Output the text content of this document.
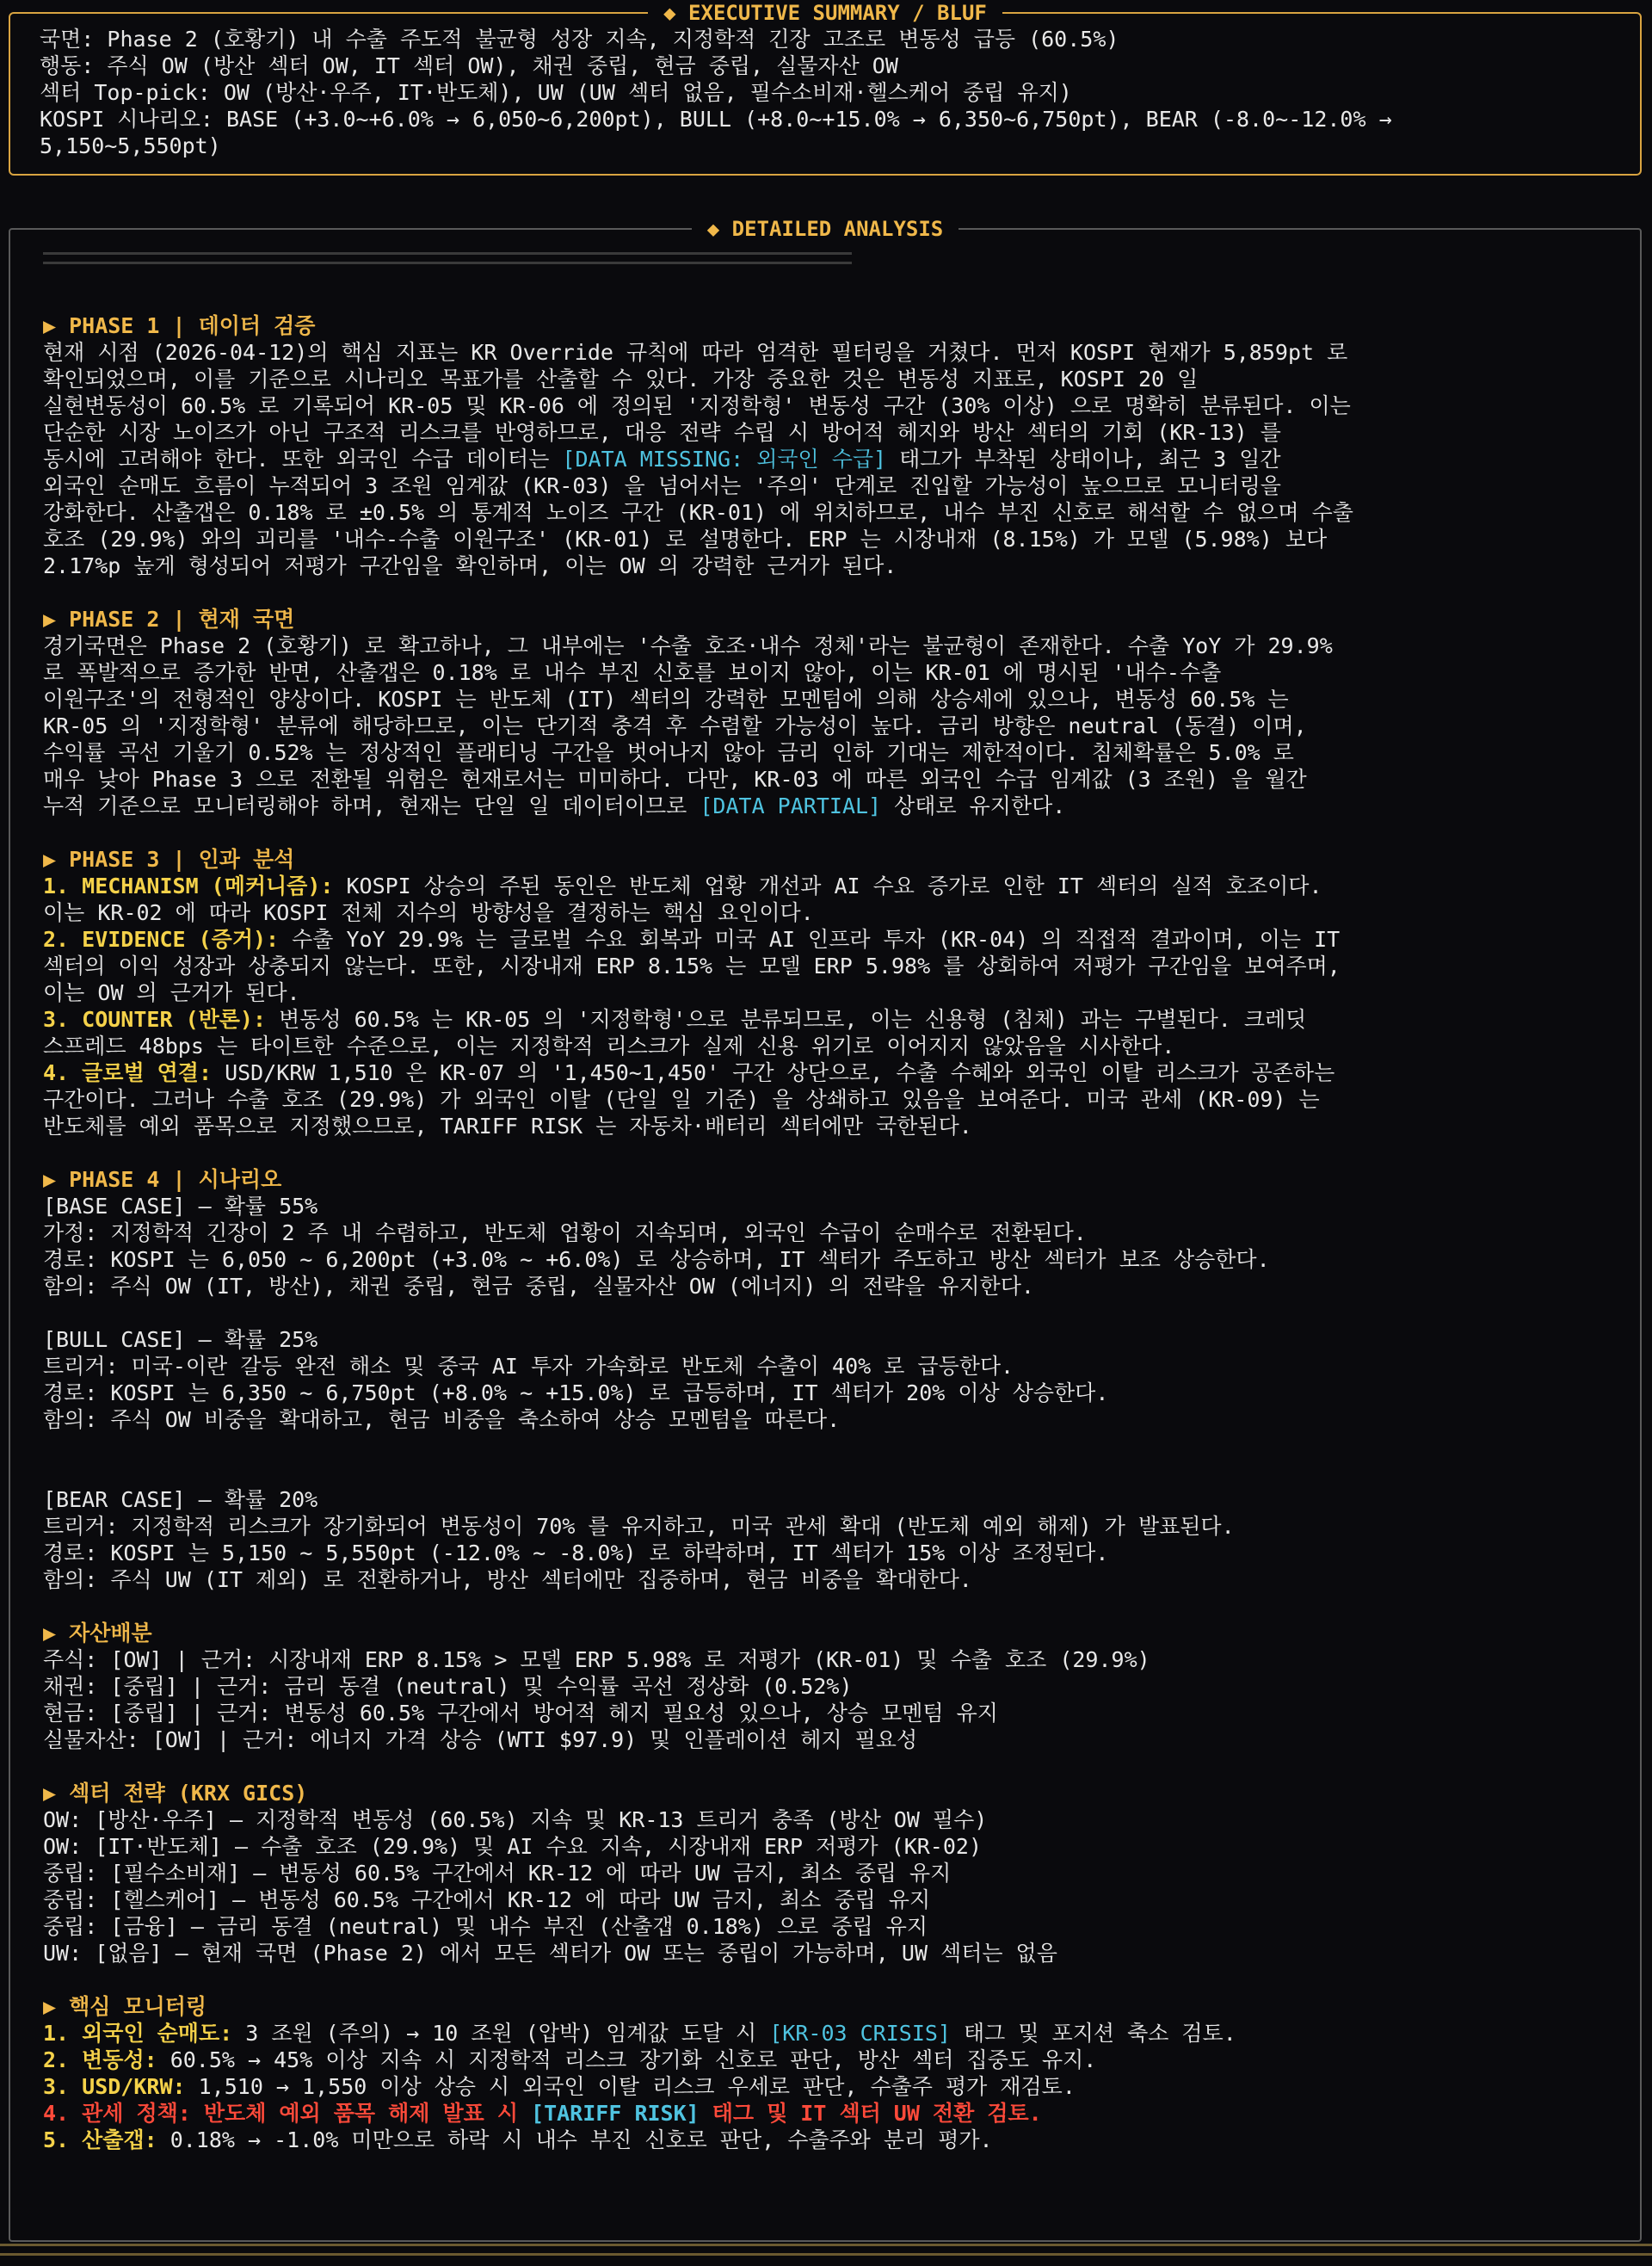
◆ EXECUTIVE SUMMARY / BLUF
국면: Phase 2 (호황기) 내 수출 주도적 불균형 성장 지속, 지정학적 긴장 고조로 변동성 급등 (60.5%)
행동: 주식 OW (방산 섹터 OW, IT 섹터 OW), 채권 중립, 현금 중립, 실물자산 OW
섹터 Top-pick: OW (방산·우주, IT·반도체), UW (UW 섹터 없음, 필수소비재·헬스케어 중립 유지)
KOSPI 시나리오: BASE (+3.0~+6.0% → 6,050~6,200pt), BULL (+8.0~+15.0% → 6,350~6,750pt), BEAR (-8.0~-12.0% →
5,150~5,550pt)
◆ DETAILED ANALYSIS
▶ PHASE 1 | 데이터 검증
현재 시점 (2026-04-12)의 핵심 지표는 KR Override 규칙에 따라 엄격한 필터링을 거쳤다. 먼저 KOSPI 현재가 5,859pt 로
확인되었으며, 이를 기준으로 시나리오 목표가를 산출할 수 있다. 가장 중요한 것은 변동성 지표로, KOSPI 20 일
실현변동성이 60.5% 로 기록되어 KR-05 및 KR-06 에 정의된 '지정학형' 변동성 구간 (30% 이상) 으로 명확히 분류된다. 이는
단순한 시장 노이즈가 아닌 구조적 리스크를 반영하므로, 대응 전략 수립 시 방어적 헤지와 방산 섹터의 기회 (KR-13) 를
동시에 고려해야 한다. 또한 외국인 수급 데이터는 [DATA MISSING: 외국인 수급] 태그가 부착된 상태이나, 최근 3 일간
외국인 순매도 흐름이 누적되어 3 조원 임계값 (KR-03) 을 넘어서는 '주의' 단계로 진입할 가능성이 높으므로 모니터링을
강화한다. 산출갭은 0.18% 로 ±0.5% 의 통계적 노이즈 구간 (KR-01) 에 위치하므로, 내수 부진 신호로 해석할 수 없으며 수출
호조 (29.9%) 와의 괴리를 '내수-수출 이원구조' (KR-01) 로 설명한다. ERP 는 시장내재 (8.15%) 가 모델 (5.98%) 보다
2.17%p 높게 형성되어 저평가 구간임을 확인하며, 이는 OW 의 강력한 근거가 된다.
▶ PHASE 2 | 현재 국면
경기국면은 Phase 2 (호황기) 로 확고하나, 그 내부에는 '수출 호조·내수 정체'라는 불균형이 존재한다. 수출 YoY 가 29.9%
로 폭발적으로 증가한 반면, 산출갭은 0.18% 로 내수 부진 신호를 보이지 않아, 이는 KR-01 에 명시된 '내수-수출
이원구조'의 전형적인 양상이다. KOSPI 는 반도체 (IT) 섹터의 강력한 모멘텀에 의해 상승세에 있으나, 변동성 60.5% 는
KR-05 의 '지정학형' 분류에 해당하므로, 이는 단기적 충격 후 수렴할 가능성이 높다. 금리 방향은 neutral (동결) 이며,
수익률 곡선 기울기 0.52% 는 정상적인 플래티닝 구간을 벗어나지 않아 금리 인하 기대는 제한적이다. 침체확률은 5.0% 로
매우 낮아 Phase 3 으로 전환될 위험은 현재로서는 미미하다. 다만, KR-03 에 따른 외국인 수급 임계값 (3 조원) 을 월간
누적 기준으로 모니터링해야 하며, 현재는 단일 일 데이터이므로 [DATA PARTIAL] 상태로 유지한다.
▶ PHASE 3 | 인과 분석
1. MECHANISM (메커니즘): KOSPI 상승의 주된 동인은 반도체 업황 개선과 AI 수요 증가로 인한 IT 섹터의 실적 호조이다.
이는 KR-02 에 따라 KOSPI 전체 지수의 방향성을 결정하는 핵심 요인이다.
2. EVIDENCE (증거): 수출 YoY 29.9% 는 글로벌 수요 회복과 미국 AI 인프라 투자 (KR-04) 의 직접적 결과이며, 이는 IT
섹터의 이익 성장과 상충되지 않는다. 또한, 시장내재 ERP 8.15% 는 모델 ERP 5.98% 를 상회하여 저평가 구간임을 보여주며,
이는 OW 의 근거가 된다.
3. COUNTER (반론): 변동성 60.5% 는 KR-05 의 '지정학형'으로 분류되므로, 이는 신용형 (침체) 과는 구별된다. 크레딧
스프레드 48bps 는 타이트한 수준으로, 이는 지정학적 리스크가 실제 신용 위기로 이어지지 않았음을 시사한다.
4. 글로벌 연결: USD/KRW 1,510 은 KR-07 의 '1,450~1,450' 구간 상단으로, 수출 수혜와 외국인 이탈 리스크가 공존하는
구간이다. 그러나 수출 호조 (29.9%) 가 외국인 이탈 (단일 일 기준) 을 상쇄하고 있음을 보여준다. 미국 관세 (KR-09) 는
반도체를 예외 품목으로 지정했으므로, TARIFF RISK 는 자동차·배터리 섹터에만 국한된다.
▶ PHASE 4 | 시나리오
[BASE CASE] — 확률 55%
가정: 지정학적 긴장이 2 주 내 수렴하고, 반도체 업황이 지속되며, 외국인 수급이 순매수로 전환된다.
경로: KOSPI 는 6,050 ~ 6,200pt (+3.0% ~ +6.0%) 로 상승하며, IT 섹터가 주도하고 방산 섹터가 보조 상승한다.
함의: 주식 OW (IT, 방산), 채권 중립, 현금 중립, 실물자산 OW (에너지) 의 전략을 유지한다.
[BULL CASE] — 확률 25%
트리거: 미국-이란 갈등 완전 해소 및 중국 AI 투자 가속화로 반도체 수출이 40% 로 급등한다.
경로: KOSPI 는 6,350 ~ 6,750pt (+8.0% ~ +15.0%) 로 급등하며, IT 섹터가 20% 이상 상승한다.
함의: 주식 OW 비중을 확대하고, 현금 비중을 축소하여 상승 모멘텀을 따른다.
[BEAR CASE] — 확률 20%
트리거: 지정학적 리스크가 장기화되어 변동성이 70% 를 유지하고, 미국 관세 확대 (반도체 예외 해제) 가 발표된다.
경로: KOSPI 는 5,150 ~ 5,550pt (-12.0% ~ -8.0%) 로 하락하며, IT 섹터가 15% 이상 조정된다.
함의: 주식 UW (IT 제외) 로 전환하거나, 방산 섹터에만 집중하며, 현금 비중을 확대한다.
▶ 자산배분
주식: [OW] | 근거: 시장내재 ERP 8.15% > 모델 ERP 5.98% 로 저평가 (KR-01) 및 수출 호조 (29.9%)
채권: [중립] | 근거: 금리 동결 (neutral) 및 수익률 곡선 정상화 (0.52%)
현금: [중립] | 근거: 변동성 60.5% 구간에서 방어적 헤지 필요성 있으나, 상승 모멘텀 유지
실물자산: [OW] | 근거: 에너지 가격 상승 (WTI $97.9) 및 인플레이션 헤지 필요성
▶ 섹터 전략 (KRX GICS)
OW: [방산·우주] — 지정학적 변동성 (60.5%) 지속 및 KR-13 트리거 충족 (방산 OW 필수)
OW: [IT·반도체] — 수출 호조 (29.9%) 및 AI 수요 지속, 시장내재 ERP 저평가 (KR-02)
중립: [필수소비재] — 변동성 60.5% 구간에서 KR-12 에 따라 UW 금지, 최소 중립 유지
중립: [헬스케어] — 변동성 60.5% 구간에서 KR-12 에 따라 UW 금지, 최소 중립 유지
중립: [금융] — 금리 동결 (neutral) 및 내수 부진 (산출갭 0.18%) 으로 중립 유지
UW: [없음] — 현재 국면 (Phase 2) 에서 모든 섹터가 OW 또는 중립이 가능하며, UW 섹터는 없음
▶ 핵심 모니터링
1. 외국인 순매도: 3 조원 (주의) → 10 조원 (압박) 임계값 도달 시 [KR-03 CRISIS] 태그 및 포지션 축소 검토.
2. 변동성: 60.5% → 45% 이상 지속 시 지정학적 리스크 장기화 신호로 판단, 방산 섹터 집중도 유지.
3. USD/KRW: 1,510 → 1,550 이상 상승 시 외국인 이탈 리스크 우세로 판단, 수출주 평가 재검토.
4. 관세 정책: 반도체 예외 품목 해제 발표 시 [TARIFF RISK] 태그 및 IT 섹터 UW 전환 검토.
5. 산출갭: 0.18% → -1.0% 미만으로 하락 시 내수 부진 신호로 판단, 수출주와 분리 평가.
